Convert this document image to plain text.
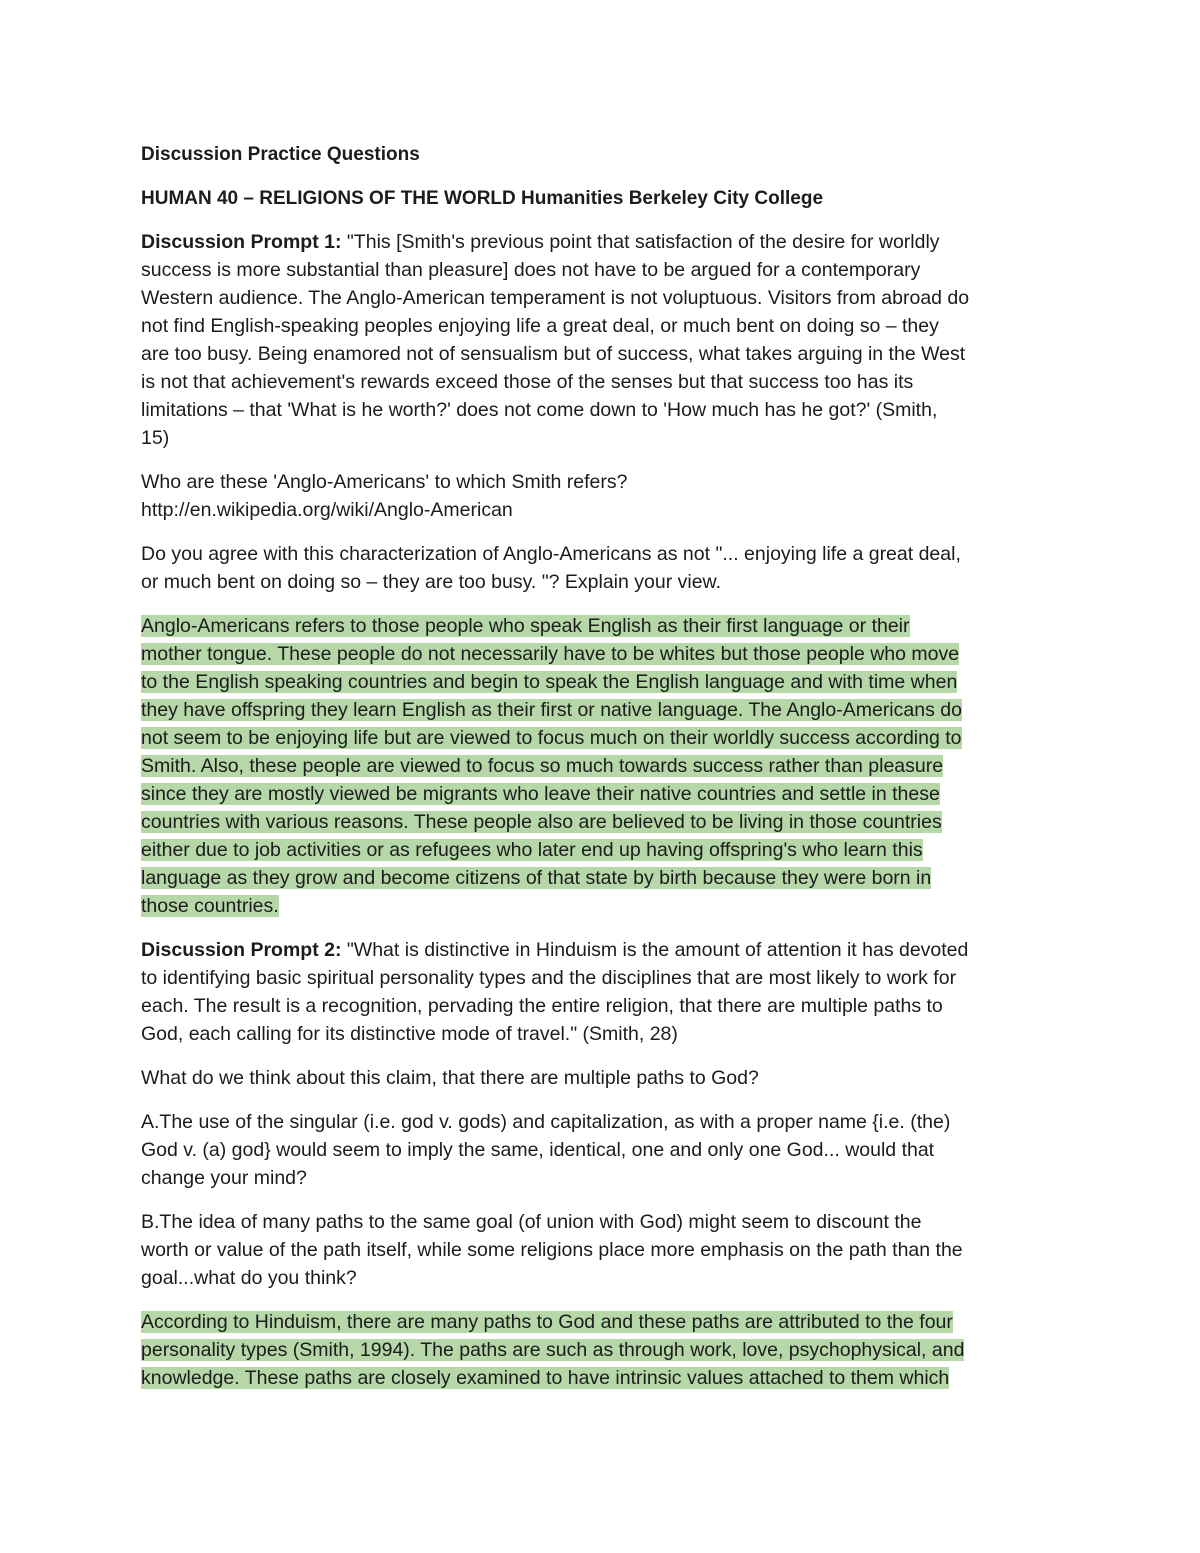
Discussion Practice Questions

HUMAN 40 – RELIGIONS OF THE WORLD Humanities Berkeley City College

Discussion Prompt 1: "This [Smith's previous point that satisfaction of the desire for worldly
success is more substantial than pleasure] does not have to be argued for a contemporary
Western audience. The Anglo-American temperament is not voluptuous. Visitors from abroad do
not find English-speaking peoples enjoying life a great deal, or much bent on doing so – they
are too busy. Being enamored not of sensualism but of success, what takes arguing in the West
is not that achievement's rewards exceed those of the senses but that success too has its
limitations – that 'What is he worth?' does not come down to 'How much has he got?' (Smith,
15)

Who are these 'Anglo-Americans' to which Smith refers?
http://en.wikipedia.org/wiki/Anglo-American

Do you agree with this characterization of Anglo-Americans as not "... enjoying life a great deal,
or much bent on doing so – they are too busy. "? Explain your view.

Anglo-Americans refers to those people who speak English as their first language or their
mother tongue. These people do not necessarily have to be whites but those people who move
to the English speaking countries and begin to speak the English language and with time when
they have offspring they learn English as their first or native language. The Anglo-Americans do
not seem to be enjoying life but are viewed to focus much on their worldly success according to
Smith. Also, these people are viewed to focus so much towards success rather than pleasure
since they are mostly viewed be migrants who leave their native countries and settle in these
countries with various reasons. These people also are believed to be living in those countries
either due to job activities or as refugees who later end up having offspring's who learn this
language as they grow and become citizens of that state by birth because they were born in
those countries.

Discussion Prompt 2: "What is distinctive in Hinduism is the amount of attention it has devoted
to identifying basic spiritual personality types and the disciplines that are most likely to work for
each. The result is a recognition, pervading the entire religion, that there are multiple paths to
God, each calling for its distinctive mode of travel." (Smith, 28)

What do we think about this claim, that there are multiple paths to God?

A.The use of the singular (i.e. god v. gods) and capitalization, as with a proper name {i.e. (the)
God v. (a) god} would seem to imply the same, identical, one and only one God... would that
change your mind?

B.The idea of many paths to the same goal (of union with God) might seem to discount the
worth or value of the path itself, while some religions place more emphasis on the path than the
goal...what do you think?

According to Hinduism, there are many paths to God and these paths are attributed to the four
personality types (Smith, 1994). The paths are such as through work, love, psychophysical, and
knowledge. These paths are closely examined to have intrinsic values attached to them which
